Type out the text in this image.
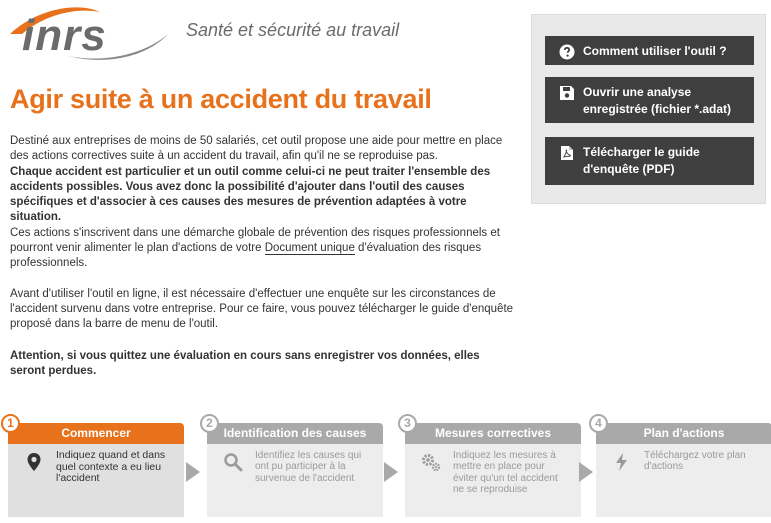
inrs	Santé et sécurité au travail
Agir suite à un accident du travail

Destiné aux entreprises de moins de 50 salariés, cet outil propose une aide pour mettre en place des actions correctives suite à un accident du travail, afin qu'il ne se reproduise pas.

Chaque accident est particulier et un outil comme celui-ci ne peut traiter l'ensemble des accidents possibles. Vous avez donc la possibilité d'ajouter dans l'outil des causes spécifiques et d'associer à ces causes des mesures de prévention adaptées à votre situation.

Ces actions s'inscrivent dans une démarche globale de prévention des risques professionnels et pourront venir alimenter le plan d'actions de votre Document unique d'évaluation des risques professionnels.

Avant d'utiliser l'outil en ligne, il est nécessaire d'effectuer une enquête sur les circonstances de l'accident survenu dans votre entreprise. Pour ce faire, vous pouvez télécharger le guide d'enquête proposé dans la barre de menu de l'outil.

Attention, si vous quittez une évaluation en cours sans enregistrer vos données, elles seront perdues.

Comment utiliser l'outil ?
Ouvrir une analyse enregistrée (fichier *.adat)
Télécharger le guide d'enquête (PDF)
Commencer
Indiquez quand et dans quel contexte a eu lieu l'accident
1
Identification des causes
Identifiez les causes qui ont pu participer à la survenue de l'accident
2
Mesures correctives
Indiquez les mesures à mettre en place pour éviter qu'un tel accident ne se reproduise
3
Plan d'actions
Téléchargez votre plan d'actions
4
